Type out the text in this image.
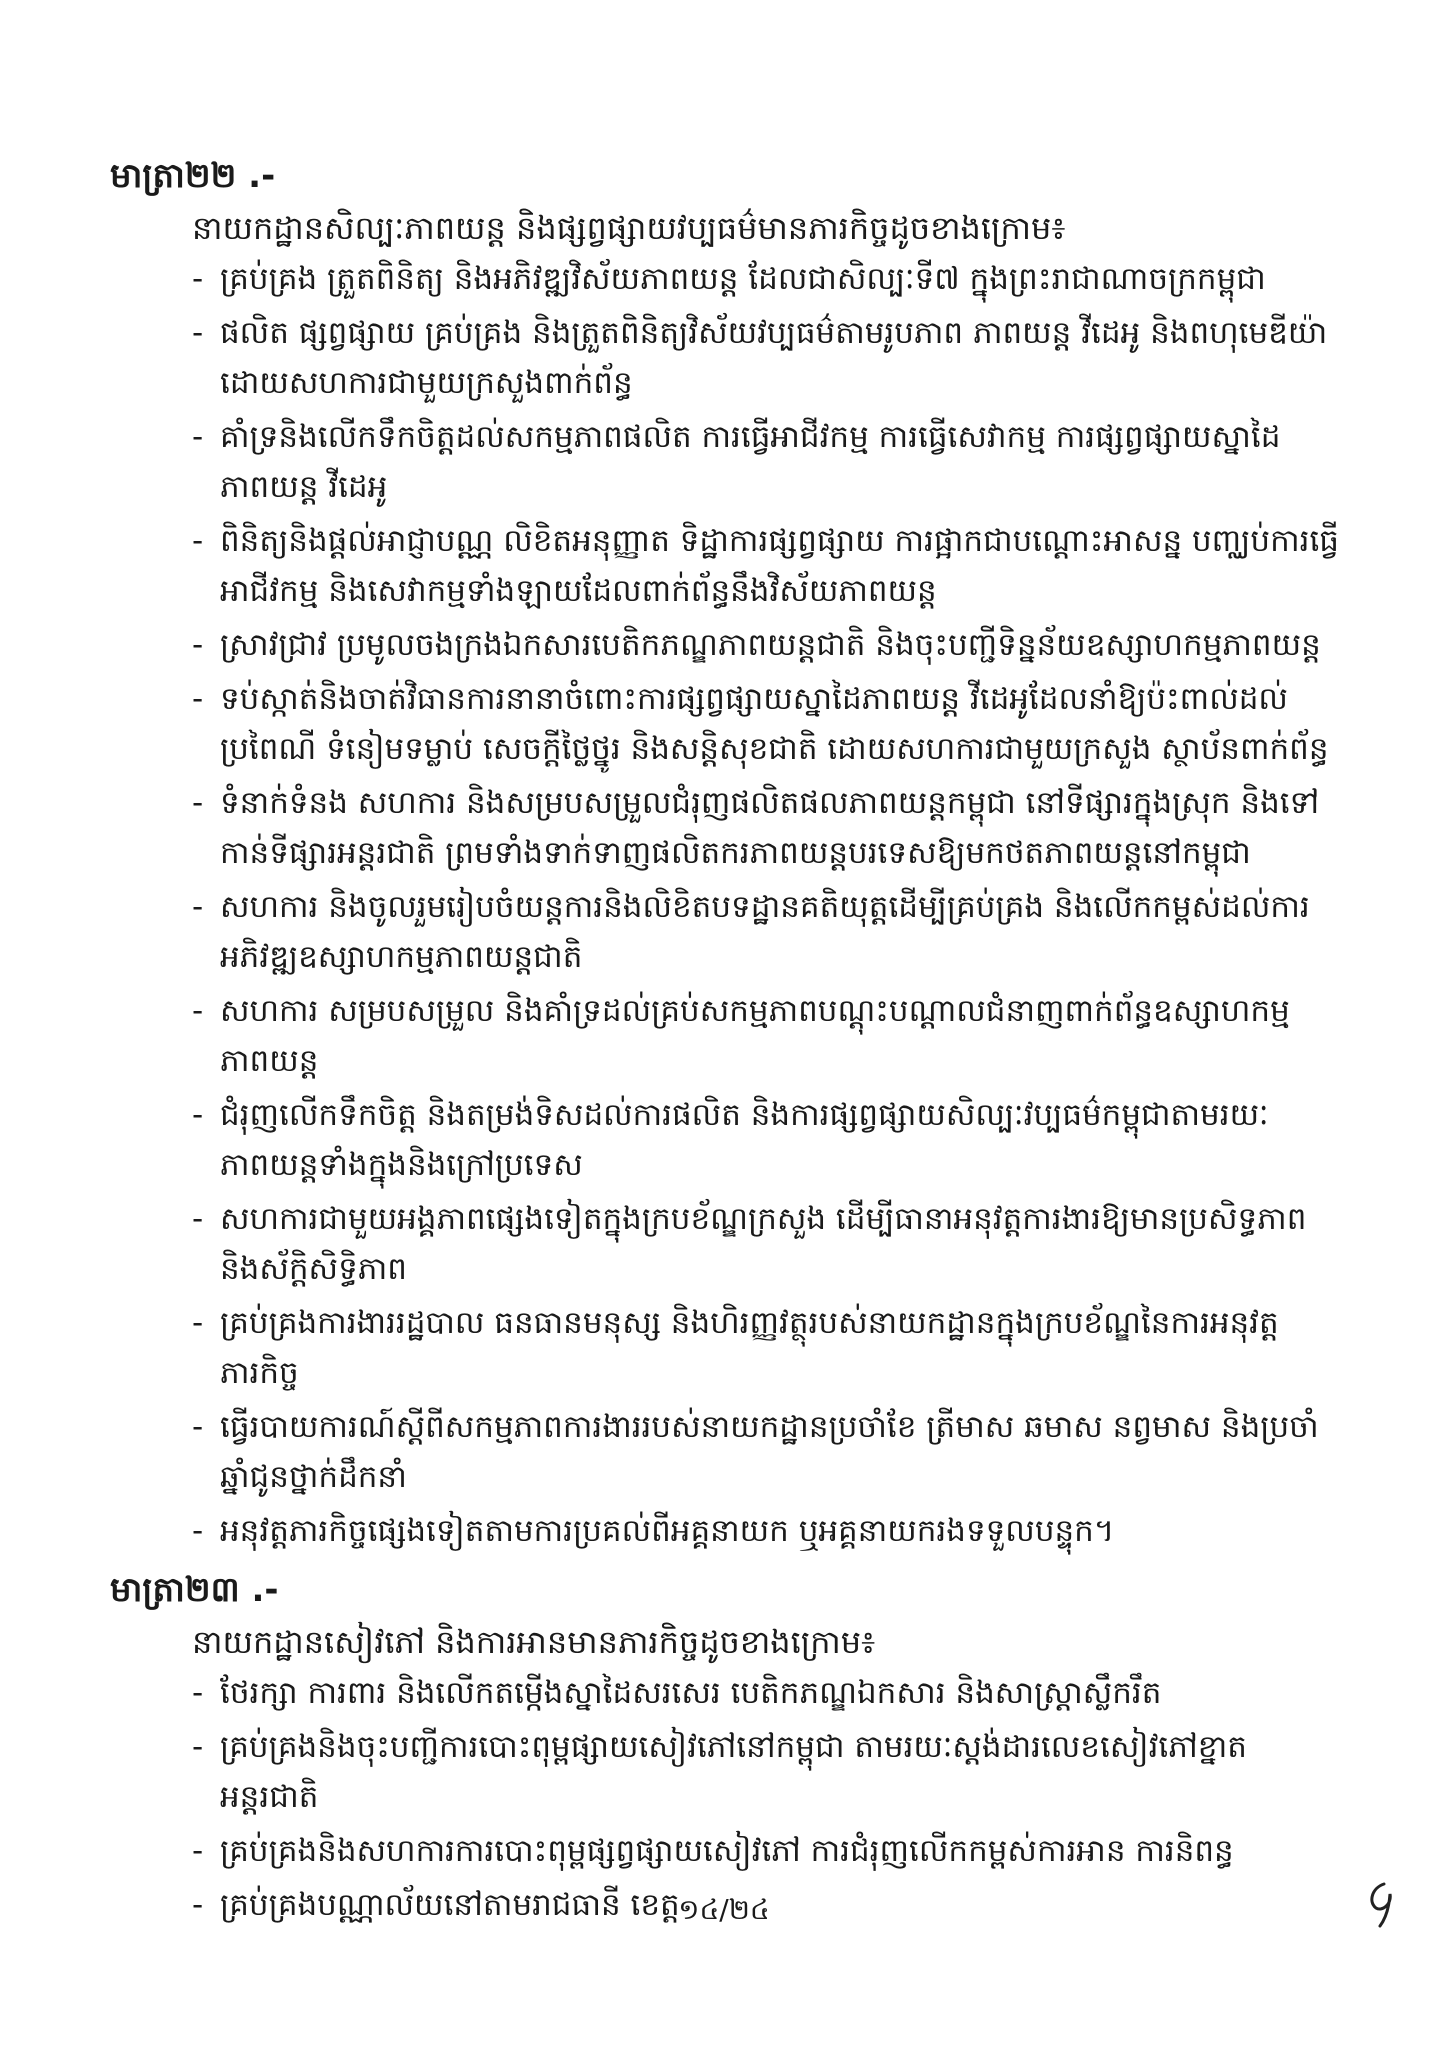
មាត្រា២២ .-
នាយកដ្ឋានសិល្បៈភាពយន្ត និងផ្សព្វផ្សាយវប្បធម៌មានភារកិច្ចដូចខាងក្រោម៖
- គ្រប់គ្រង ត្រួតពិនិត្យ និងអភិវឌ្ឍវិស័យភាពយន្ត ដែលជាសិល្បៈទី៧ ក្នុងព្រះរាជាណាចក្រកម្ពុជា
- ផលិត ផ្សព្វផ្សាយ គ្រប់គ្រង និងត្រួតពិនិត្យវិស័យវប្បធម៌តាមរូបភាព ភាពយន្ត វីដេអូ និងពហុមេឌីយ៉ា ដោយសហការជាមួយក្រសួងពាក់ព័ន្ធ
- គាំទ្រនិងលើកទឹកចិត្តដល់សកម្មភាពផលិត ការធ្វើអាជីវកម្ម ការធ្វើសេវាកម្ម ការផ្សព្វផ្សាយស្នាដៃភាពយន្ត វីដេអូ
- ពិនិត្យនិងផ្តល់អាជ្ញាបណ្ណ លិខិតអនុញ្ញាត ទិដ្ឋាការផ្សព្វផ្សាយ ការផ្អាកជាបណ្តោះអាសន្ន បញ្ឈប់ការធ្វើអាជីវកម្ម និងសេវាកម្មទាំងឡាយដែលពាក់ព័ន្ធនឹងវិស័យភាពយន្ត
- ស្រាវជ្រាវ ប្រមូលចងក្រងឯកសារបេតិកភណ្ឌភាពយន្តជាតិ និងចុះបញ្ជីទិន្នន័យឧស្សាហកម្មភាពយន្ត
- ទប់ស្កាត់និងចាត់វិធានការនានាចំពោះការផ្សព្វផ្សាយស្នាដៃភាពយន្ត វីដេអូដែលនាំឱ្យប៉ះពាល់ដល់ប្រពៃណី ទំនៀមទម្លាប់ សេចក្តីថ្លៃថ្នូរ និងសន្តិសុខជាតិ ដោយសហការជាមួយក្រសួង ស្ថាប័នពាក់ព័ន្ធ
- ទំនាក់ទំនង សហការ និងសម្របសម្រួលជំរុញផលិតផលភាពយន្តកម្ពុជា នៅទីផ្សារក្នុងស្រុក និងទៅកាន់ទីផ្សារអន្តរជាតិ ព្រមទាំងទាក់ទាញផលិតករភាពយន្តបរទេសឱ្យមកថតភាពយន្តនៅកម្ពុជា
- សហការ និងចូលរួមរៀបចំយន្តការនិងលិខិតបទដ្ឋានគតិយុត្តដើម្បីគ្រប់គ្រង និងលើកកម្ពស់ដល់ការអភិវឌ្ឍឧស្សាហកម្មភាពយន្តជាតិ
- សហការ សម្របសម្រួល និងគាំទ្រដល់គ្រប់សកម្មភាពបណ្តុះបណ្តាលជំនាញពាក់ព័ន្ធឧស្សាហកម្មភាពយន្ត
- ជំរុញលើកទឹកចិត្ត និងតម្រង់ទិសដល់ការផលិត និងការផ្សព្វផ្សាយសិល្បៈវប្បធម៌កម្ពុជាតាមរយៈភាពយន្តទាំងក្នុងនិងក្រៅប្រទេស
- សហការជាមួយអង្គភាពផ្សេងទៀតក្នុងក្របខ័ណ្ឌក្រសួង ដើម្បីធានាអនុវត្តការងារឱ្យមានប្រសិទ្ធភាព និងស័ក្តិសិទ្ធិភាព
- គ្រប់គ្រងការងាររដ្ឋបាល ធនធានមនុស្ស និងហិរញ្ញវត្ថុរបស់នាយកដ្ឋានក្នុងក្របខ័ណ្ឌនៃការអនុវត្តភារកិច្ច
- ធ្វើរបាយការណ៍ស្តីពីសកម្មភាពការងាររបស់នាយកដ្ឋានប្រចាំខែ ត្រីមាស ឆមាស នព្វមាស និងប្រចាំឆ្នាំជូនថ្នាក់ដឹកនាំ
- អនុវត្តភារកិច្ចផ្សេងទៀតតាមការប្រគល់ពីអគ្គនាយក ឬអគ្គនាយករងទទួលបន្ទុក។
មាត្រា២៣ .-
នាយកដ្ឋានសៀវភៅ និងការអានមានភារកិច្ចដូចខាងក្រោម៖
- ថែរក្សា ការពារ និងលើកតម្កើងស្នាដៃសរសេរ បេតិកភណ្ឌឯកសារ និងសាស្ត្រាស្លឹករឹត
- គ្រប់គ្រងនិងចុះបញ្ជីការបោះពុម្ពផ្សាយសៀវភៅនៅកម្ពុជា តាមរយៈស្តង់ដារលេខសៀវភៅខ្នាតអន្តរជាតិ
- គ្រប់គ្រងនិងសហការការបោះពុម្ពផ្សព្វផ្សាយសៀវភៅ ការជំរុញលើកកម្ពស់ការអាន ការនិពន្ធ
- គ្រប់គ្រងបណ្ណាល័យនៅតាមរាជធានី ខេត្ត
១៤/២៤
